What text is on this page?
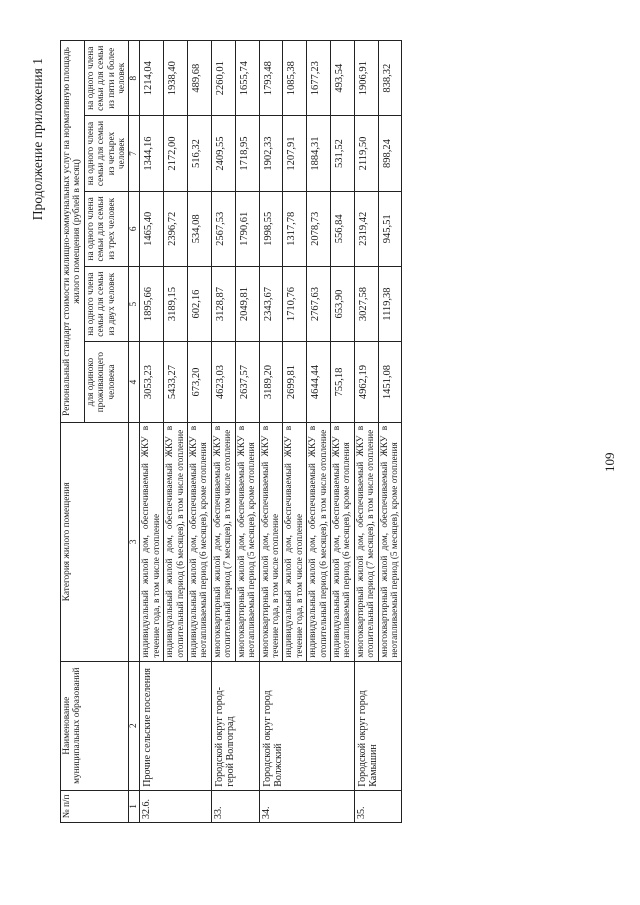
Продолжение приложения 1
№ п/п	Наименование муниципальных образований	Категория жилого помещения	Региональный стандарт стоимости жилищно-коммунальных услуг на нормативную площадь жилого помещения (рублей в месяц)				
			для одиноко проживающего человека	на одного члена семьи для семьи из двух человек	на одного члена семьи для семьи из трех человек	на одного члена семьи для семьи из четырех человек	на одного члена семьи для семьи из пяти и более человек
1	2	3	4	5	6	7	8
32.6.	Прочие сельские поселения	индивидуальный жилой дом, обеспечиваемый ЖКУ в течение года, в том числе отопление	3053,23	1895,66	1465,40	1344,16	1214,04
		индивидуальный жилой дом, обеспечиваемый ЖКУ в отопительный период (6 месяцев), в том числе отопление	5433,27	3189,15	2396,72	2172,00	1938,40
		индивидуальный жилой дом, обеспечиваемый ЖКУ в неотапливаемый период (6 месяцев), кроме отопления	673,20	602,16	534,08	516,32	489,68
33.	Городской округ город-герой Волгоград	многоквартирный жилой дом, обеспечиваемый ЖКУ в отопительный период (7 месяцев), в том числе отопление	4623,03	3128,87	2567,53	2409,55	2260,01
		многоквартирный жилой дом, обеспечиваемый ЖКУ в неотапливаемый период (5 месяцев), кроме отопления	2637,57	2049,81	1790,61	1718,95	1655,74
34.	Городской округ город Волжский	многоквартирный жилой дом, обеспечиваемый ЖКУ в течение года, в том числе отопление	3189,20	2343,67	1998,55	1902,33	1793,48
		индивидуальный жилой дом, обеспечиваемый ЖКУ в течение года, в том числе отопление	2699,81	1710,76	1317,78	1207,91	1085,38
		индивидуальный жилой дом, обеспечиваемый ЖКУ в отопительный период (6 месяцев), в том числе отопление	4644,44	2767,63	2078,73	1884,31	1677,23
		индивидуальный жилой дом, обеспечиваемый ЖКУ в неотапливаемый период (6 месяцев), кроме отопления	755,18	653,90	556,84	531,52	493,54
35.	Городской округ город Камышин	многоквартирный жилой дом, обеспечиваемый ЖКУ в отопительный период (7 месяцев), в том числе отопление	4962,19	3027,58	2319,42	2119,50	1906,91
		многоквартирный жилой дом, обеспечиваемый ЖКУ в неотапливаемый период (5 месяцев), кроме отопления	1451,08	1119,38	945,51	898,24	838,32
109
